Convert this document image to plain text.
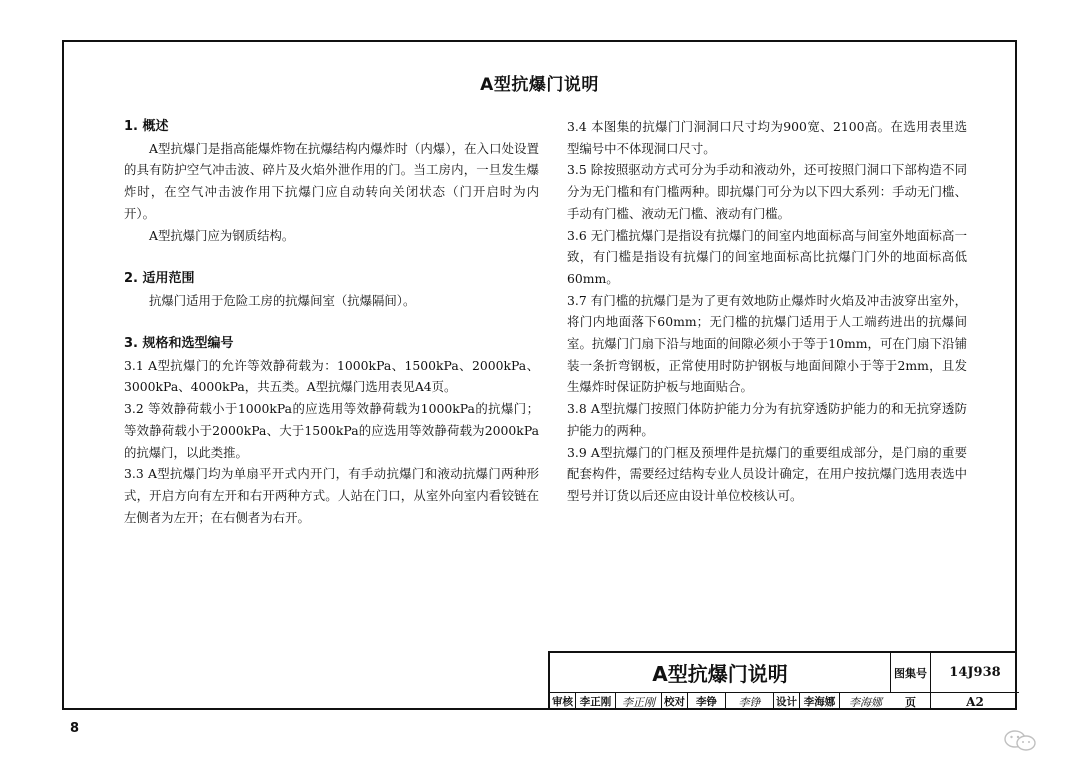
A型抗爆门说明

1. 概述

A型抗爆门是指高能爆炸物在抗爆结构内爆炸时（内爆），在入口处设置的具有防护空气冲击波、碎片及火焰外泄作用的门。当工房内，一旦发生爆炸时，在空气冲击波作用下抗爆门应自动转向关闭状态（门开启时为内开）。

A型抗爆门应为钢质结构。

2. 适用范围

抗爆门适用于危险工房的抗爆间室（抗爆隔间）。

3. 规格和选型编号

3.1 A型抗爆门的允许等效静荷载为：1000kPa、1500kPa、2000kPa、3000kPa、4000kPa，共五类。A型抗爆门选用表见A4页。

3.2 等效静荷载小于1000kPa的应选用等效静荷载为1000kPa的抗爆门；等效静荷载小于2000kPa、大于1500kPa的应选用等效静荷载为2000kPa的抗爆门，以此类推。

3.3 A型抗爆门均为单扇平开式内开门，有手动抗爆门和液动抗爆门两种形式，开启方向有左开和右开两种方式。人站在门口，从室外向室内看铰链在左侧者为左开；在右侧者为右开。

3.4 本图集的抗爆门门洞洞口尺寸均为900宽、2100高。在选用表里选型编号中不体现洞口尺寸。

3.5 除按照驱动方式可分为手动和液动外，还可按照门洞口下部构造不同分为无门槛和有门槛两种。即抗爆门可分为以下四大系列：手动无门槛、手动有门槛、液动无门槛、液动有门槛。

3.6 无门槛抗爆门是指设有抗爆门的间室内地面标高与间室外地面标高一致，有门槛是指设有抗爆门的间室地面标高比抗爆门门外的地面标高低60mm。

3.7 有门槛的抗爆门是为了更有效地防止爆炸时火焰及冲击波穿出室外，将门内地面落下60mm；无门槛的抗爆门适用于人工端药进出的抗爆间室。抗爆门门扇下沿与地面的间隙必须小于等于10mm，可在门扇下沿铺装一条折弯钢板，正常使用时防护钢板与地面间隙小于等于2mm，且发生爆炸时保证防护板与地面贴合。

3.8 A型抗爆门按照门体防护能力分为有抗穿透防护能力的和无抗穿透防护能力的两种。

3.9 A型抗爆门的门框及预埋件是抗爆门的重要组成部分，是门扇的重要配套构件，需要经过结构专业人员设计确定，在用户按抗爆门选用表选中型号并订货以后还应由设计单位校核认可。

A型抗爆门说明	图集号	14J938
审核 李正刚 李正刚 校对	李铮	李铮	设计 李海娜	李海娜	页	A2
8
